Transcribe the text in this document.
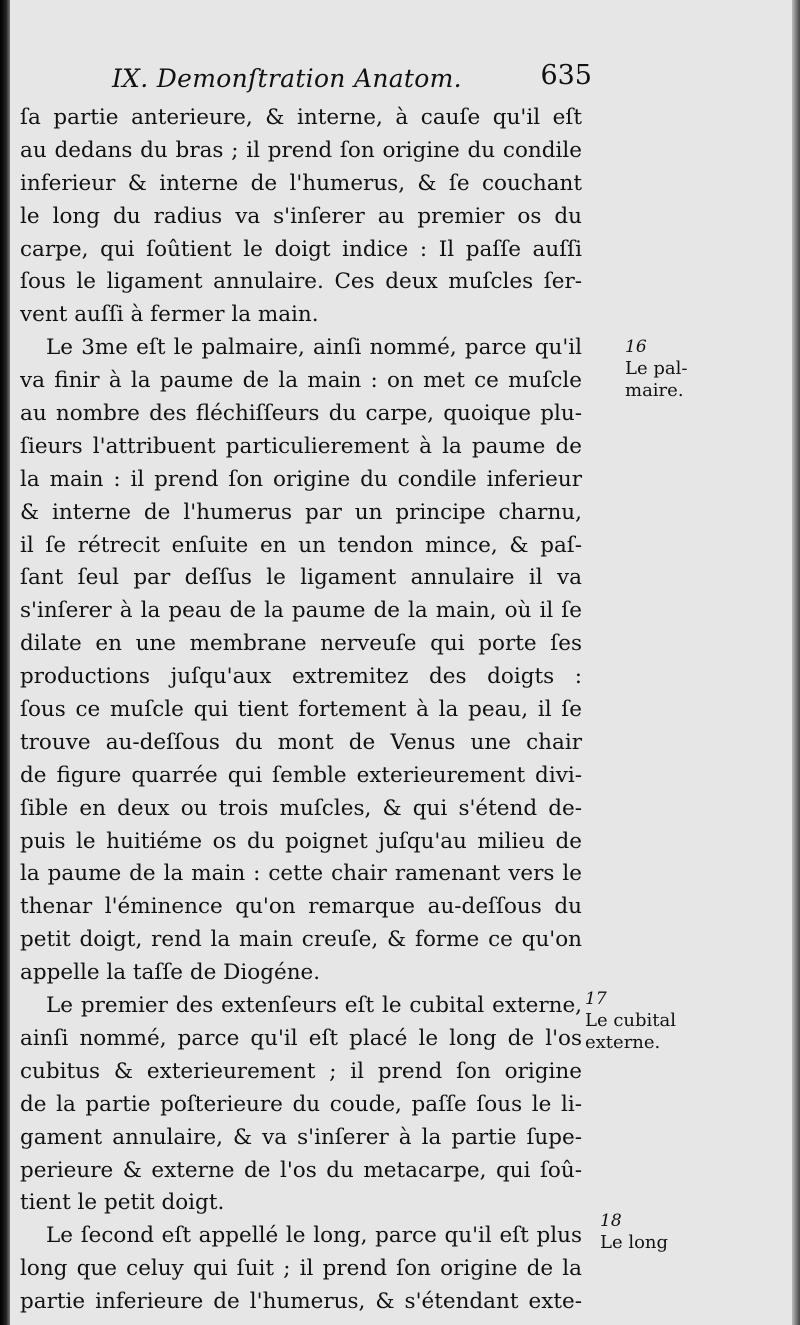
IX. Demonſtration Anatom.	635
ſa partie anterieure, & interne, à cauſe qu'il eſt
au dedans du bras ; il prend ſon origine du condile
inferieur & interne de l'humerus, & ſe couchant
le long du radius va s'inſerer au premier os du
carpe, qui ſoûtient le doigt indice : Il paſſe auſſi
ſous le ligament annulaire. Ces deux muſcles ſer-
vent auſſi à fermer la main.
Le 3me eſt le palmaire, ainſi nommé, parce qu'il
va finir à la paume de la main : on met ce muſcle
au nombre des fléchiſſeurs du carpe, quoique plu-
ſieurs l'attribuent particulierement à la paume de
la main : il prend ſon origine du condile inferieur
& interne de l'humerus par un principe charnu,
il ſe rétrecit enſuite en un tendon mince, & paſ-
ſant ſeul par deſſus le ligament annulaire il va
s'inſerer à la peau de la paume de la main, où il ſe
dilate en une membrane nerveuſe qui porte ſes
productions juſqu'aux extremitez des doigts :
ſous ce muſcle qui tient fortement à la peau, il ſe
trouve au-deſſous du mont de Venus une chair
de figure quarrée qui ſemble exterieurement divi-
ſible en deux ou trois muſcles, & qui s'étend de-
puis le huitiéme os du poignet juſqu'au milieu de
la paume de la main : cette chair ramenant vers le
thenar l'éminence qu'on remarque au-deſſous du
petit doigt, rend la main creuſe, & forme ce qu'on
appelle la taſſe de Diogéne.
Le premier des extenſeurs eſt le cubital externe,
ainſi nommé, parce qu'il eſt placé le long de l'os
cubitus & exterieurement ; il prend ſon origine
de la partie poſterieure du coude, paſſe ſous le li-
gament annulaire, & va s'inſerer à la partie ſupe-
perieure & externe de l'os du metacarpe, qui ſoû-
tient le petit doigt.
Le ſecond eſt appellé le long, parce qu'il eſt plus
long que celuy qui ſuit ; il prend ſon origine de la
partie inferieure de l'humerus, & s'étendant exte-
16
Le pal-
maire.
17
Le cubital
externe.
18
Le long
